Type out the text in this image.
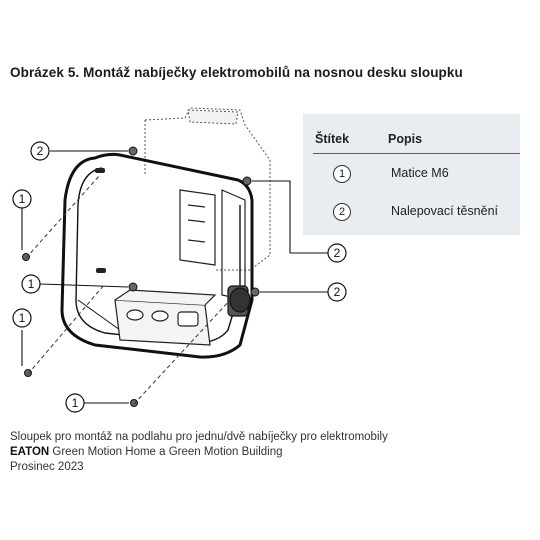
Obrázek 5. Montáž nabíječky elektromobilů na nosnou desku sloupku
2
1
1
1
1
2
2
Štítek	Popis
1	Matice M6
2	Nalepovací těsnění
Sloupek pro montáž na podlahu pro jednu/dvě nabíječky pro elektromobily
EATON Green Motion Home a Green Motion Building
Prosinec 2023
